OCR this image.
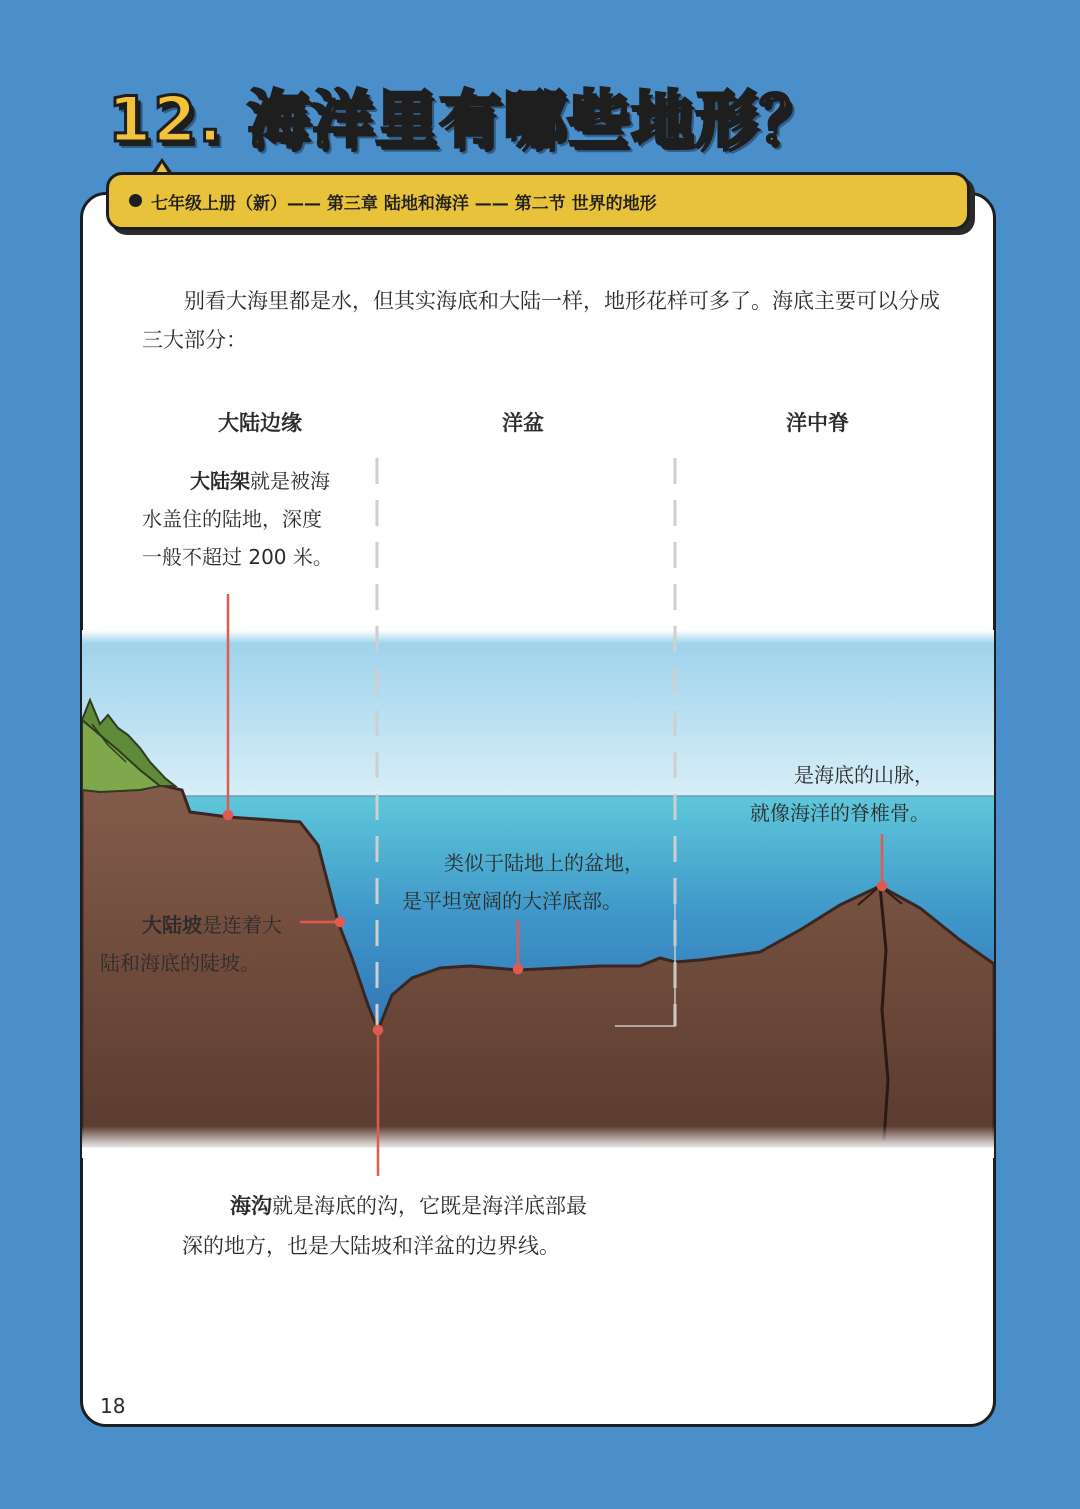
12. 海洋里有哪些地形？
七年级上册（新）—— 第三章 陆地和海洋 —— 第二节 世界的地形
别看大海里都是水，但其实海底和大陆一样，地形花样可多了。海底主要可以分成三大部分：
大陆边缘	洋盆	洋中脊
大陆架就是被海
水盖住的陆地，深度
一般不超过 200 米。
大陆坡是连着大
陆和海底的陡坡。
类似于陆地上的盆地，
是平坦宽阔的大洋底部。
是海底的山脉，
就像海洋的脊椎骨。
海沟就是海底的沟，它既是海洋底部最
深的地方，也是大陆坡和洋盆的边界线。
18
